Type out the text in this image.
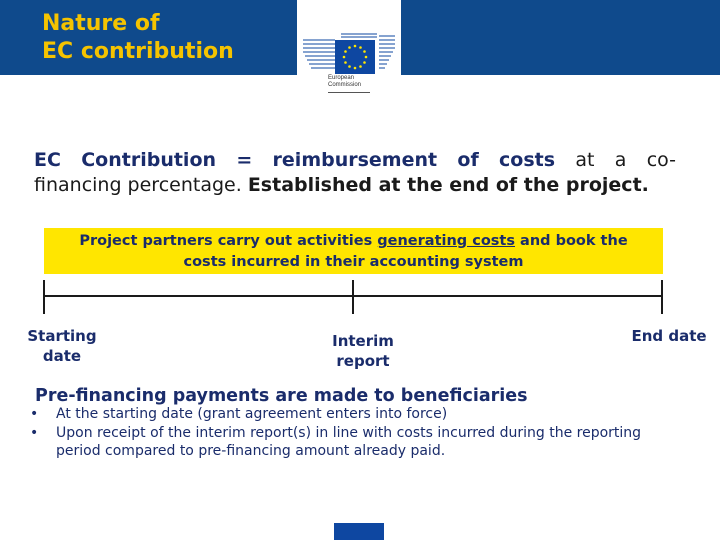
Nature of
EC contribution
European
Commission
EC Contribution = reimbursement of costs at a co-
financing percentage. Established at the end of the project.
Project partners carry out activities generating costs and book the
costs incurred in their accounting system
Starting
date
Interim
report
End date
Pre-financing payments are made to beneficiaries
• At the starting date (grant agreement enters into force)
• Upon receipt of the interim report(s) in line with costs incurred during the reporting period compared to pre-financing amount already paid.
